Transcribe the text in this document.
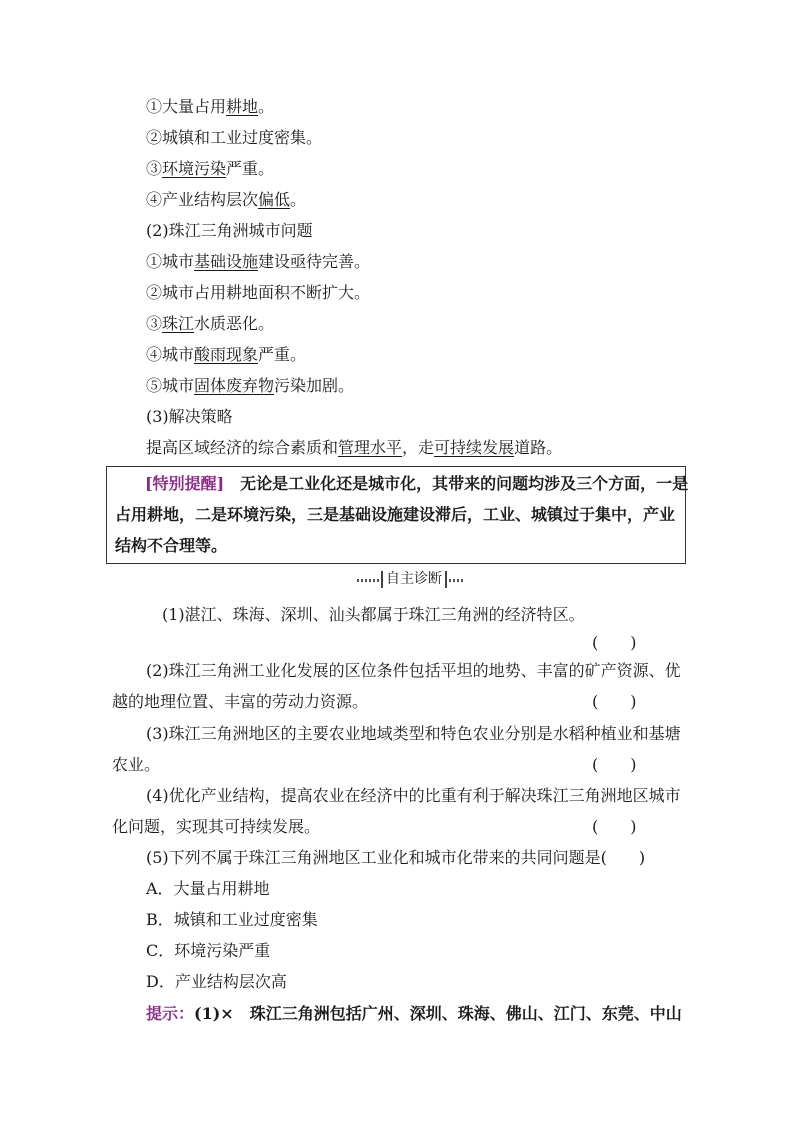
①大量占用耕地。
②城镇和工业过度密集。
③环境污染严重。
④产业结构层次偏低。
(2)珠江三角洲城市问题
①城市基础设施建设亟待完善。
②城市占用耕地面积不断扩大。
③珠江水质恶化。
④城市酸雨现象严重。
⑤城市固体废弃物污染加剧。
(3)解决策略
提高区域经济的综合素质和管理水平，走可持续发展道路。
[特别提醒]  无论是工业化还是城市化，其带来的问题均涉及三个方面，一是
占用耕地，二是环境污染，三是基础设施建设滞后，工业、城镇过于集中，产业
结构不合理等。
自主诊断
(1)湛江、珠海、深圳、汕头都属于珠江三角洲的经济特区。
(　　)
(2)珠江三角洲工业化发展的区位条件包括平坦的地势、丰富的矿产资源、优
越的地理位置、丰富的劳动力资源。	(　　)
(3)珠江三角洲地区的主要农业地域类型和特色农业分别是水稻种植业和基塘
农业。	(　　)
(4)优化产业结构，提高农业在经济中的比重有利于解决珠江三角洲地区城市
化问题，实现其可持续发展。	(　　)
(5)下列不属于珠江三角洲地区工业化和城市化带来的共同问题是(　　)
A．大量占用耕地
B．城镇和工业过度密集
C．环境污染严重
D．产业结构层次高
提示：(1)×　珠江三角洲包括广州、深圳、珠海、佛山、江门、东莞、中山
